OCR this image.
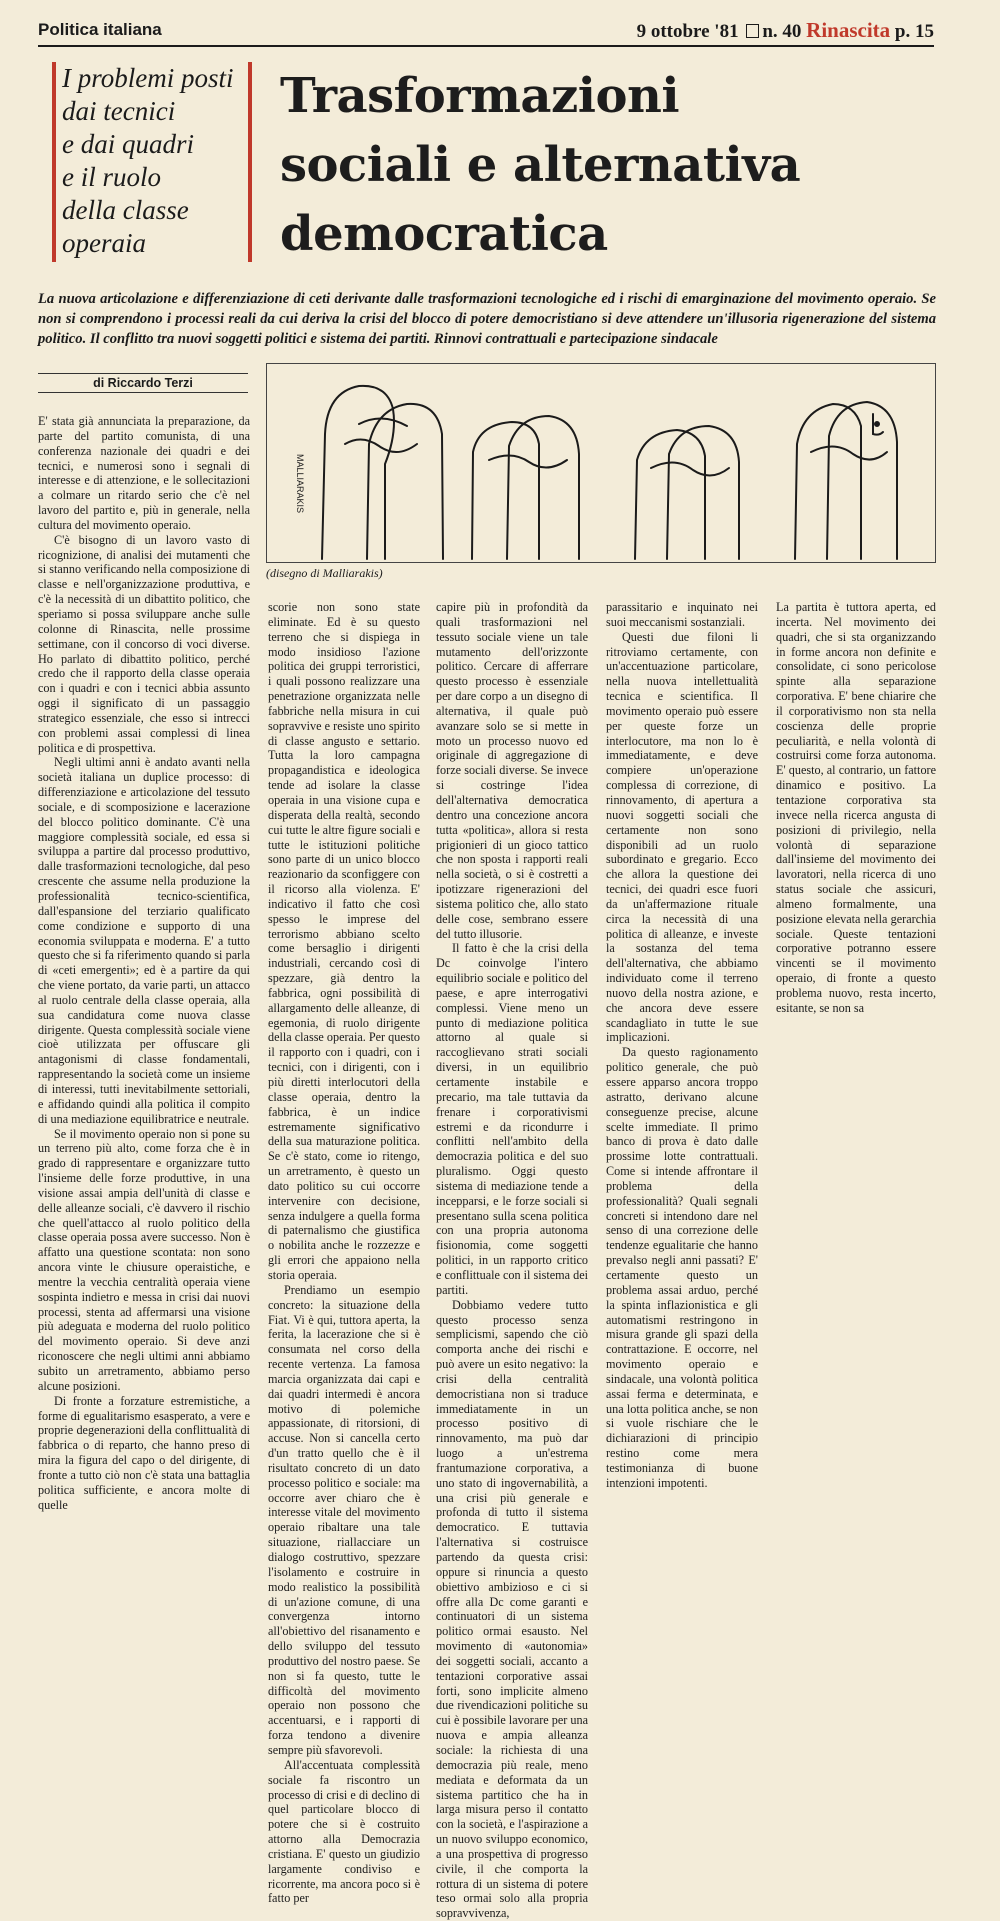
Politica italiana	9 ottobre '81 n. 40 Rinascita p. 15
I problemi posti
dai tecnici
e dai quadri
e il ruolo
della classe
operaia
Trasformazioni
sociali e alternativa
democratica
La nuova articolazione e differenziazione di ceti derivante dalle trasformazioni tecnologiche ed i rischi di emarginazione del movimento operaio. Se non si comprendono i processi reali da cui deriva la crisi del blocco di potere democristiano si deve attendere un'illusoria rigenerazione del sistema politico. Il conflitto tra nuovi soggetti politici e sistema dei partiti. Rinnovi contrattuali e partecipazione sindacale
di Riccardo Terzi
MALLIARAKIS
(disegno di Malliarakis)

E' stata già annunciata la preparazione, da parte del partito comunista, di una conferenza nazionale dei quadri e dei tecnici, e numerosi sono i segnali di interesse e di attenzione, e le sollecitazioni a colmare un ritardo serio che c'è nel lavoro del partito e, più in generale, nella cultura del movimento operaio.

C'è bisogno di un lavoro vasto di ricognizione, di analisi dei mutamenti che si stanno verificando nella composizione di classe e nell'organizzazione produttiva, e c'è la necessità di un dibattito politico, che speriamo si possa sviluppare anche sulle colonne di Rinascita, nelle prossime settimane, con il concorso di voci diverse. Ho parlato di dibattito politico, perché credo che il rapporto della classe operaia con i quadri e con i tecnici abbia assunto oggi il significato di un passaggio strategico essenziale, che esso si intrecci con problemi assai complessi di linea politica e di prospettiva.

Negli ultimi anni è andato avanti nella società italiana un duplice processo: di differenziazione e articolazione del tessuto sociale, e di scomposizione e lacerazione del blocco politico dominante. C'è una maggiore complessità sociale, ed essa si sviluppa a partire dal processo produttivo, dalle trasformazioni tecnologiche, dal peso crescente che assume nella produzione la professionalità tecnico-scientifica, dall'espansione del terziario qualificato come condizione e supporto di una economia sviluppata e moderna. E' a tutto questo che si fa riferimento quando si parla di «ceti emergenti»; ed è a partire da qui che viene portato, da varie parti, un attacco al ruolo centrale della classe operaia, alla sua candidatura come nuova classe dirigente. Questa complessità sociale viene cioè utilizzata per offuscare gli antagonismi di classe fondamentali, rappresentando la società come un insieme di interessi, tutti inevitabilmente settoriali, e affidando quindi alla politica il compito di una mediazione equilibratrice e neutrale.

Se il movimento operaio non si pone su un terreno più alto, come forza che è in grado di rappresentare e organizzare tutto l'insieme delle forze produttive, in una visione assai ampia dell'unità di classe e delle alleanze sociali, c'è davvero il rischio che quell'attacco al ruolo politico della classe operaia possa avere successo. Non è affatto una questione scontata: non sono ancora vinte le chiusure operaistiche, e mentre la vecchia centralità operaia viene sospinta indietro e messa in crisi dai nuovi processi, stenta ad affermarsi una visione più adeguata e moderna del ruolo politico del movimento operaio. Si deve anzi riconoscere che negli ultimi anni abbiamo subito un arretramento, abbiamo perso alcune posizioni.

Di fronte a forzature estremistiche, a forme di egualitarismo esasperato, a vere e proprie degenerazioni della conflittualità di fabbrica o di reparto, che hanno preso di mira la figura del capo o del dirigente, di fronte a tutto ciò non c'è stata una battaglia politica sufficiente, e ancora molte di quelle

scorie non sono state eliminate. Ed è su questo terreno che si dispiega in modo insidioso l'azione politica dei gruppi terroristici, i quali possono realizzare una penetrazione organizzata nelle fabbriche nella misura in cui sopravvive e resiste uno spirito di classe angusto e settario. Tutta la loro campagna propagandistica e ideologica tende ad isolare la classe operaia in una visione cupa e disperata della realtà, secondo cui tutte le altre figure sociali e tutte le istituzioni politiche sono parte di un unico blocco reazionario da sconfiggere con il ricorso alla violenza. E' indicativo il fatto che così spesso le imprese del terrorismo abbiano scelto come bersaglio i dirigenti industriali, cercando così di spezzare, già dentro la fabbrica, ogni possibilità di allargamento delle alleanze, di egemonia, di ruolo dirigente della classe operaia. Per questo il rapporto con i quadri, con i tecnici, con i dirigenti, con i più diretti interlocutori della classe operaia, dentro la fabbrica, è un indice estremamente significativo della sua maturazione politica. Se c'è stato, come io ritengo, un arretramento, è questo un dato politico su cui occorre intervenire con decisione, senza indulgere a quella forma di paternalismo che giustifica o nobilita anche le rozzezze e gli errori che appaiono nella storia operaia.

Prendiamo un esempio concreto: la situazione della Fiat. Vi è qui, tuttora aperta, la ferita, la lacerazione che si è consumata nel corso della recente vertenza. La famosa marcia organizzata dai capi e dai quadri intermedi è ancora motivo di polemiche appassionate, di ritorsioni, di accuse. Non si cancella certo d'un tratto quello che è il risultato concreto di un dato processo politico e sociale: ma occorre aver chiaro che è interesse vitale del movimento operaio ribaltare una tale situazione, riallacciare un dialogo costruttivo, spezzare l'isolamento e costruire in modo realistico la possibilità di un'azione comune, di una convergenza intorno all'obiettivo del risanamento e dello sviluppo del tessuto produttivo del nostro paese. Se non si fa questo, tutte le difficoltà del movimento operaio non possono che accentuarsi, e i rapporti di forza tendono a divenire sempre più sfavorevoli.

All'accentuata complessità sociale fa riscontro un processo di crisi e di declino di quel particolare blocco di potere che si è costruito attorno alla Democrazia cristiana. E' questo un giudizio largamente condiviso e ricorrente, ma ancora poco si è fatto per

capire più in profondità da quali trasformazioni nel tessuto sociale viene un tale mutamento dell'orizzonte politico. Cercare di afferrare questo processo è essenziale per dare corpo a un disegno di alternativa, il quale può avanzare solo se si mette in moto un processo nuovo ed originale di aggregazione di forze sociali diverse. Se invece si costringe l'idea dell'alternativa democratica dentro una concezione ancora tutta «politica», allora si resta prigionieri di un gioco tattico che non sposta i rapporti reali nella società, o si è costretti a ipotizzare rigenerazioni del sistema politico che, allo stato delle cose, sembrano essere del tutto illusorie.

Il fatto è che la crisi della Dc coinvolge l'intero equilibrio sociale e politico del paese, e apre interrogativi complessi. Viene meno un punto di mediazione politica attorno al quale si raccoglievano strati sociali diversi, in un equilibrio certamente instabile e precario, ma tale tuttavia da frenare i corporativismi estremi e da ricondurre i conflitti nell'ambito della democrazia politica e del suo pluralismo. Oggi questo sistema di mediazione tende a incepparsi, e le forze sociali si presentano sulla scena politica con una propria autonoma fisionomia, come soggetti politici, in un rapporto critico e conflittuale con il sistema dei partiti.

Dobbiamo vedere tutto questo processo senza semplicismi, sapendo che ciò comporta anche dei rischi e può avere un esito negativo: la crisi della centralità democristiana non si traduce immediatamente in un processo positivo di rinnovamento, ma può dar luogo a un'estrema frantumazione corporativa, a uno stato di ingovernabilità, a una crisi più generale e profonda di tutto il sistema democratico. E tuttavia l'alternativa si costruisce partendo da questa crisi: oppure si rinuncia a questo obiettivo ambizioso e ci si offre alla Dc come garanti e continuatori di un sistema politico ormai esausto. Nel movimento di «autonomia» dei soggetti sociali, accanto a tentazioni corporative assai forti, sono implicite almeno due rivendicazioni politiche su cui è possibile lavorare per una nuova e ampia alleanza sociale: la richiesta di una democrazia più reale, meno mediata e deformata da un sistema partitico che ha in larga misura perso il contatto con la società, e l'aspirazione a un nuovo sviluppo economico, a una prospettiva di progresso civile, il che comporta la rottura di un sistema di potere teso ormai solo alla propria sopravvivenza,

parassitario e inquinato nei suoi meccanismi sostanziali.

Questi due filoni li ritroviamo certamente, con un'accentuazione particolare, nella nuova intellettualità tecnica e scientifica. Il movimento operaio può essere per queste forze un interlocutore, ma non lo è immediatamente, e deve compiere un'operazione complessa di correzione, di rinnovamento, di apertura a nuovi soggetti sociali che certamente non sono disponibili ad un ruolo subordinato e gregario. Ecco che allora la questione dei tecnici, dei quadri esce fuori da un'affermazione rituale circa la necessità di una politica di alleanze, e investe la sostanza del tema dell'alternativa, che abbiamo individuato come il terreno nuovo della nostra azione, e che ancora deve essere scandagliato in tutte le sue implicazioni.

Da questo ragionamento politico generale, che può essere apparso ancora troppo astratto, derivano alcune conseguenze precise, alcune scelte immediate. Il primo banco di prova è dato dalle prossime lotte contrattuali. Come si intende affrontare il problema della professionalità? Quali segnali concreti si intendono dare nel senso di una correzione delle tendenze egualitarie che hanno prevalso negli anni passati? E' certamente questo un problema assai arduo, perché la spinta inflazionistica e gli automatismi restringono in misura grande gli spazi della contrattazione. E occorre, nel movimento operaio e sindacale, una volontà politica assai ferma e determinata, e una lotta politica anche, se non si vuole rischiare che le dichiarazioni di principio restino come mera testimonianza di buone intenzioni impotenti.

La partita è tuttora aperta, ed incerta. Nel movimento dei quadri, che si sta organizzando in forme ancora non definite e consolidate, ci sono pericolose spinte alla separazione corporativa. E' bene chiarire che il corporativismo non sta nella coscienza delle proprie peculiarità, e nella volontà di costruirsi come forza autonoma. E' questo, al contrario, un fattore dinamico e positivo. La tentazione corporativa sta invece nella ricerca angusta di posizioni di privilegio, nella volontà di separazione dall'insieme del movimento dei lavoratori, nella ricerca di uno status sociale che assicuri, almeno formalmente, una posizione elevata nella gerarchia sociale. Queste tentazioni corporative potranno essere vincenti se il movimento operaio, di fronte a questo problema nuovo, resta incerto, esitante, se non sa
